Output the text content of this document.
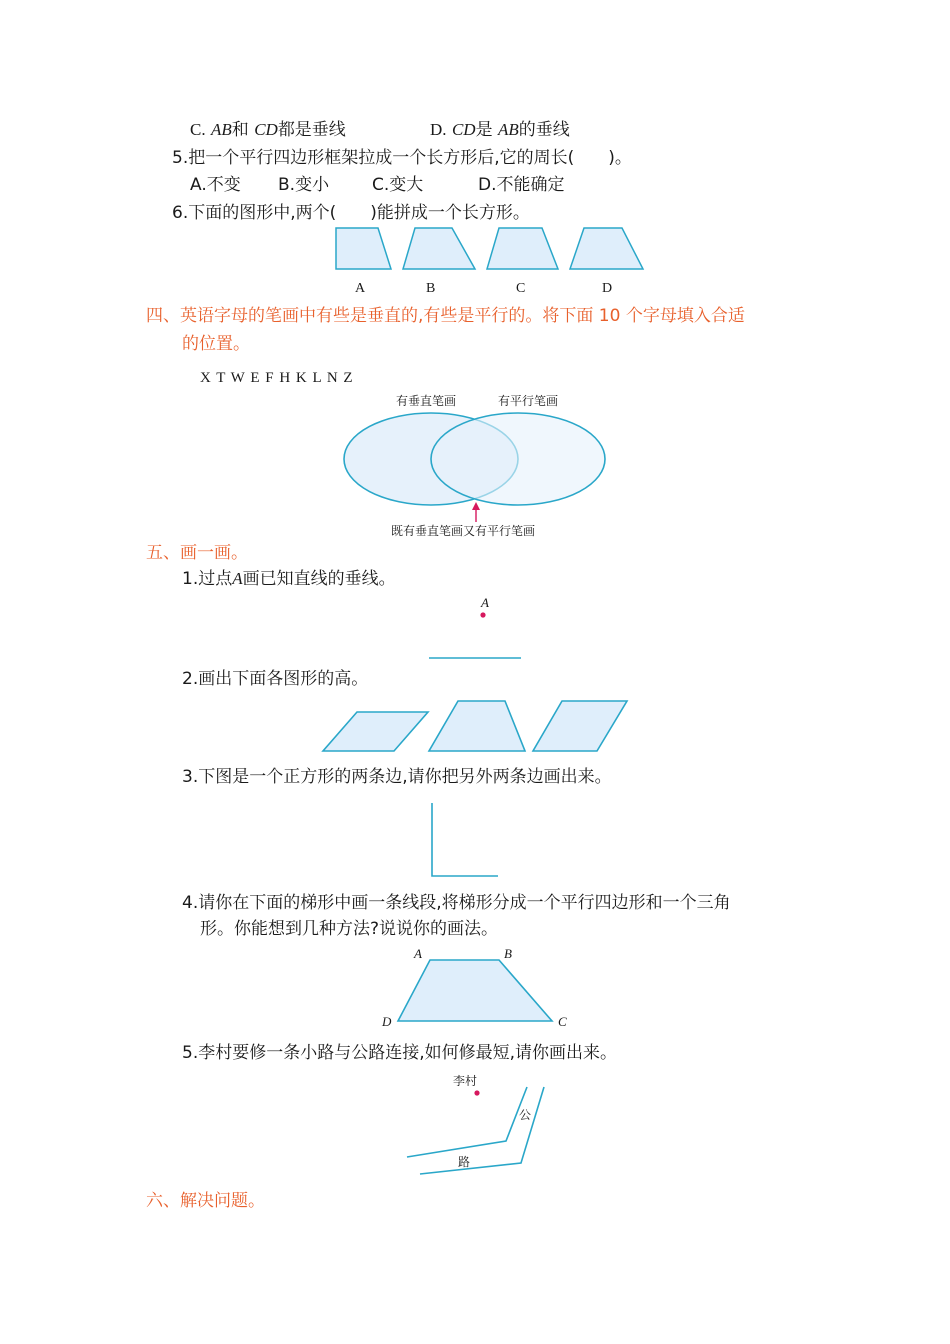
C. AB和 CD都是垂线	D. CD是 AB的垂线
5.把一个平行四边形框架拉成一个长方形后,它的周长(　　)。
A.不变 B.变小	C.变大	D.不能确定
6.下面的图形中,两个(　　)能拼成一个长方形。
四、英语字母的笔画中有些是垂直的,有些是平行的。将下面 10 个字母填入合适
的位置。
X T W E F H K L N Z
五、画一画。
1.过点A画已知直线的垂线。
2.画出下面各图形的高。
3.下图是一个正方形的两条边,请你把另外两条边画出来。
4.请你在下面的梯形中画一条线段,将梯形分成一个平行四边形和一个三角
形。你能想到几种方法?说说你的画法。
5.李村要修一条小路与公路连接,如何修最短,请你画出来。
六、解决问题。
A	B	C	D
有垂直笔画	有平行笔画
既有垂直笔画又有平行笔画
A
A	B
C
D
李村
公
路
